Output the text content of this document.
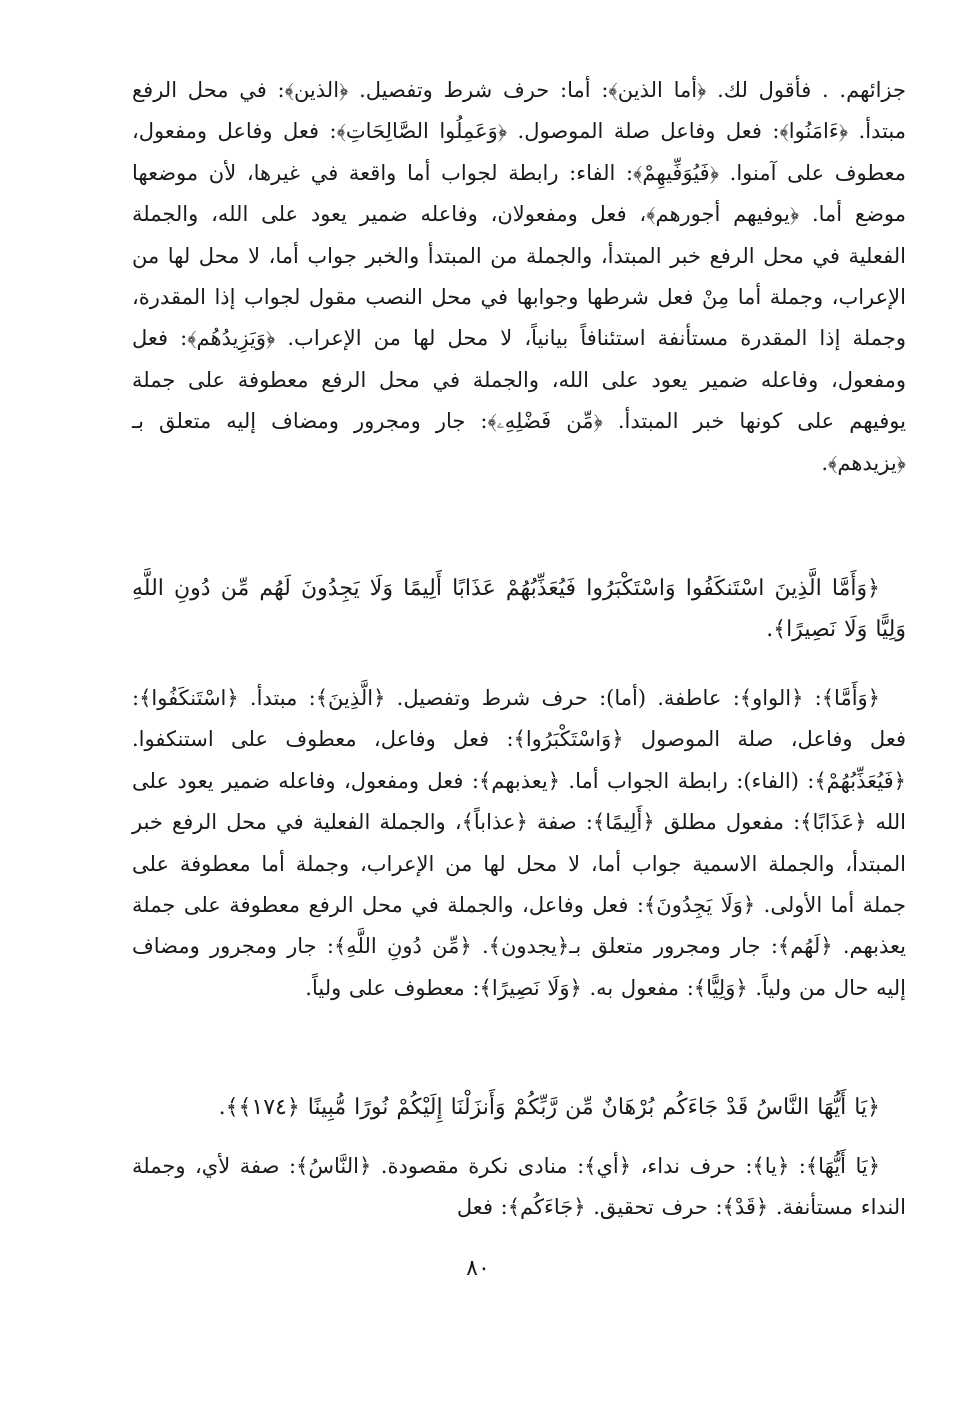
جزائهم. . فأقول لك. ﴿أما الذين﴾: أما: حرف شرط وتفصيل. ﴿الذين﴾: في محل الرفع مبتدأ. ﴿ءَامَنُوا﴾: فعل وفاعل صلة الموصول. ﴿وَعَمِلُوا الصَّالِحَاتِ﴾: فعل وفاعل ومفعول، معطوف على آمنوا. ﴿فَيُوَفِّيهِمْ﴾: الفاء: رابطة لجواب أما واقعة في غيرها، لأن موضعها موضع أما. ﴿يوفيهم أجورهم﴾، فعل ومفعولان، وفاعله ضمير يعود على الله، والجملة الفعلية في محل الرفع خبر المبتدأ، والجملة من المبتدأ والخبر جواب أما، لا محل لها من الإعراب، وجملة أما مِنْ فعل شرطها وجوابها في محل النصب مقول لجواب إذا المقدرة، وجملة إذا المقدرة مستأنفة استئنافاً بيانياً، لا محل لها من الإعراب. ﴿وَيَزِيدُهُم﴾: فعل ومفعول، وفاعله ضمير يعود على الله، والجملة في محل الرفع معطوفة على جملة يوفيهم على كونها خبر المبتدأ. ﴿مِّن فَضْلِهِۦ﴾: جار ومجرور ومضاف إليه متعلق بـ ﴿يزيدهم﴾.

﴿وَأَمَّا الَّذِينَ اسْتَنكَفُوا وَاسْتَكْبَرُوا فَيُعَذِّبُهُمْ عَذَابًا أَلِيمًا وَلَا يَجِدُونَ لَهُم مِّن دُونِ اللَّهِ وَلِيًّا وَلَا نَصِيرًا﴾.

﴿وَأَمَّا﴾: ﴿الواو﴾: عاطفة. (أما): حرف شرط وتفصيل. ﴿الَّذِينَ﴾: مبتدأ. ﴿اسْتَنكَفُوا﴾: فعل وفاعل، صلة الموصول ﴿وَاسْتَكْبَرُوا﴾: فعل وفاعل، معطوف على استنكفوا. ﴿فَيُعَذِّبُهُمْ﴾: (الفاء): رابطة الجواب أما. ﴿يعذبهم﴾: فعل ومفعول، وفاعله ضمير يعود على الله ﴿عَذَابًا﴾: مفعول مطلق ﴿أَلِيمًا﴾: صفة ﴿عذاباً﴾، والجملة الفعلية في محل الرفع خبر المبتدأ، والجملة الاسمية جواب أما، لا محل لها من الإعراب، وجملة أما معطوفة على جملة أما الأولى. ﴿وَلَا يَجِدُونَ﴾: فعل وفاعل، والجملة في محل الرفع معطوفة على جملة يعذبهم. ﴿لَهُم﴾: جار ومجرور متعلق بـ﴿يجدون﴾. ﴿مِّن دُونِ اللَّهِ﴾: جار ومجرور ومضاف إليه حال من ولياً. ﴿وَلِيًّا﴾: مفعول به. ﴿وَلَا نَصِيرًا﴾: معطوف على ولياً.

﴿يَا أَيُّهَا النَّاسُ قَدْ جَاءَكُم بُرْهَانٌ مِّن رَّبِّكُمْ وَأَنزَلْنَا إِلَيْكُمْ نُورًا مُّبِينًا ﴿١٧٤﴾﴾.

﴿يَا أَيُّهَا﴾: ﴿يا﴾: حرف نداء، ﴿أي﴾: منادى نكرة مقصودة. ﴿النَّاسُ﴾: صفة لأي، وجملة النداء مستأنفة. ﴿قَدْ﴾: حرف تحقيق. ﴿جَاءَكُم﴾: فعل

٨٠
